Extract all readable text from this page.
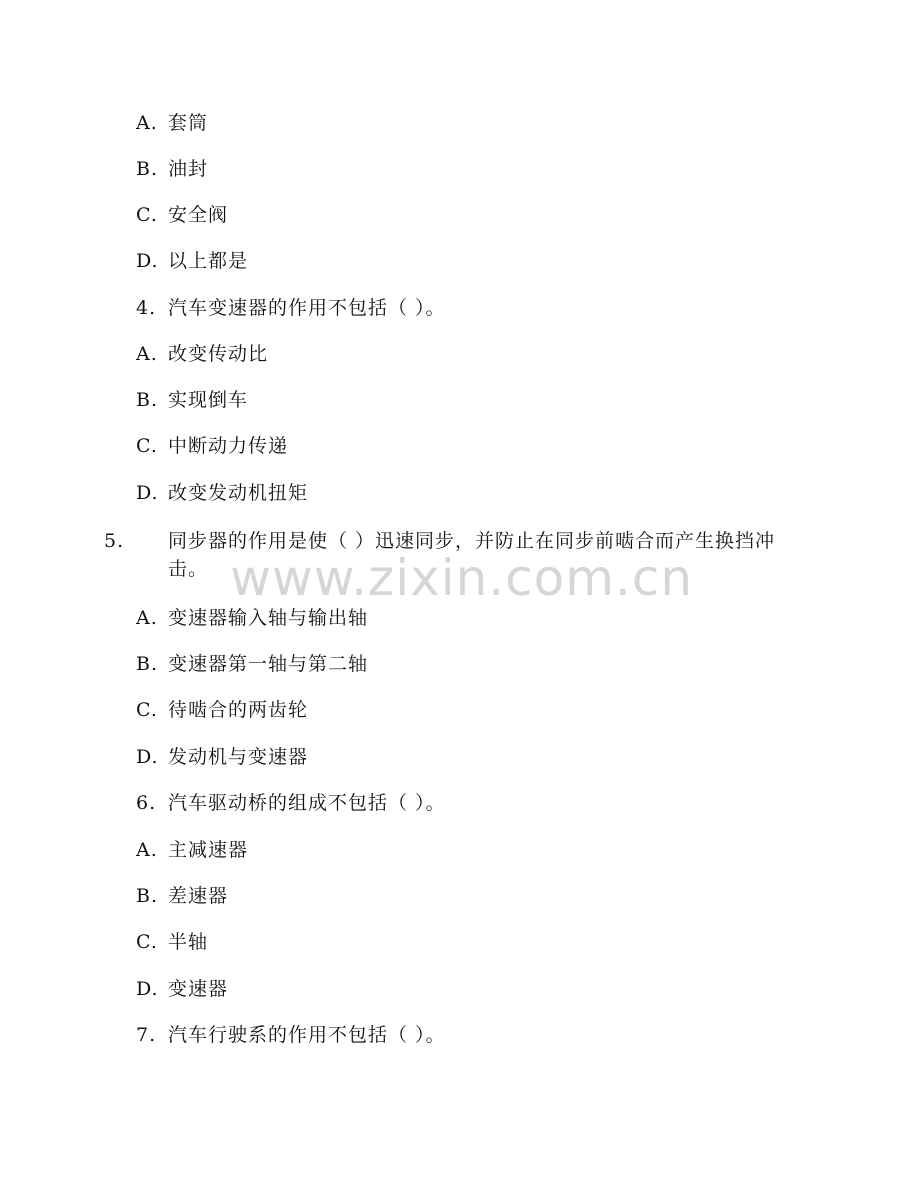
A. 套筒
B. 油封
C. 安全阀
D. 以上都是
4. 汽车变速器的作用不包括（ ）。
A. 改变传动比
B. 实现倒车
C. 中断动力传递
D. 改变发动机扭矩
5. 同步器的作用是使（ ）迅速同步，并防止在同步前啮合而产生换挡冲击。
A. 变速器输入轴与输出轴
B. 变速器第一轴与第二轴
C. 待啮合的两齿轮
D. 发动机与变速器
6. 汽车驱动桥的组成不包括（ ）。
A. 主减速器
B. 差速器
C. 半轴
D. 变速器
7. 汽车行驶系的作用不包括（ ）。
www.zixin.com.cn
